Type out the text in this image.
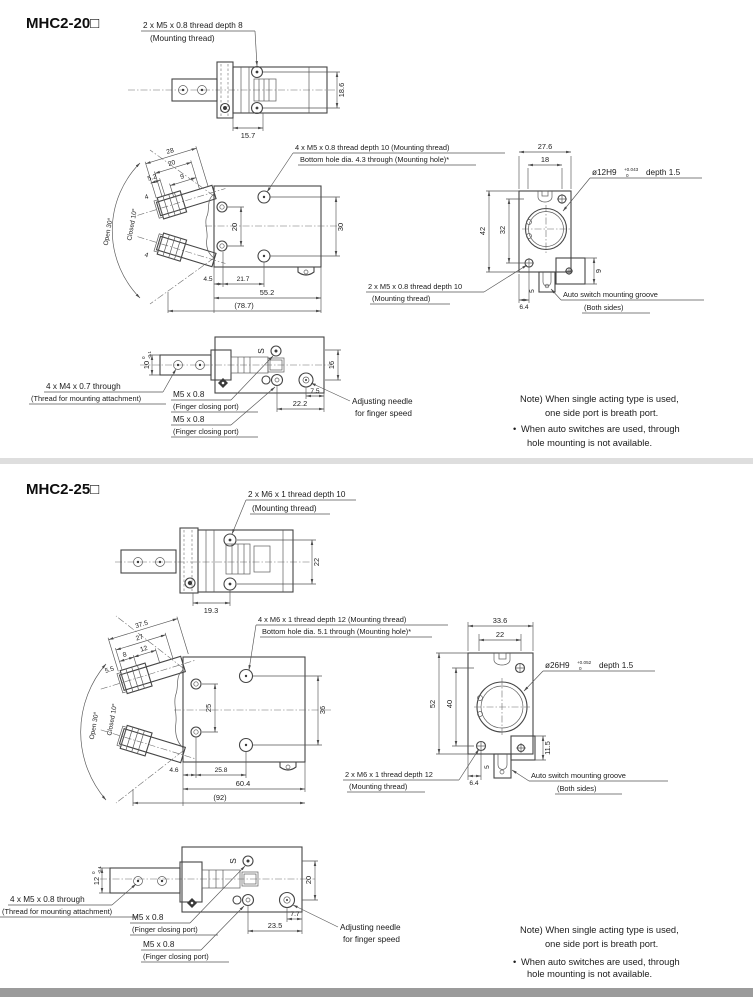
MHC2-20□
15.7
18.6
2 x M5 x 0.8 thread depth 8
(Mounting thread)
20	30
9
5.2
20
28
4
4
Open 30° Closed 10°
4.5	21.7
55.2
(78.7)
4 x M5 x 0.8 thread depth 10 (Mounting thread)
Bottom hole dia. 4.3 through (Mounting hole)*
27.6
18
42 32
9
5
6.4
ø12H9 +0.043
0 depth 1.5
2 x M5 x 0.8 thread depth 10
(Mounting thread)	Auto switch mounting groove
(Both sides)
10
0 -0.1
S
16
7.5
22.2
4 x M4 x 0.7 through
(Thread for mounting attachment)	M5 x 0.8
(Finger closing port)
M5 x 0.8
(Finger closing port)
Adjusting needle
for finger speed
Note) When single acting type is used,
one side port is breath port.
• When auto switches are used, through
hole mounting is not available.
MHC2-25□
19.3
22
2 x M6 x 1 thread depth 10
(Mounting thread)
25	36
8
12
27
37.5
5.5
Open 30° Closed 10°
4.6	25.8
60.4
(92)
4 x M6 x 1 thread depth 12 (Mounting thread)
Bottom hole dia. 5.1 through (Mounting hole)*
33.6
22
52 40
11.5
5
6.4
ø26H9 +0.052
0 depth 1.5
2 x M6 x 1 thread depth 12
(Mounting thread)
Auto switch mounting groove
(Both sides)
12
0 -0.1
S
20
7.7
23.5
4 x M5 x 0.8 through
(Thread for mounting attachment)
M5 x 0.8
(Finger closing port)
M5 x 0.8
(Finger closing port)
Adjusting needle
for finger speed
Note) When single acting type is used,
one side port is breath port.
• When auto switches are used, through
hole mounting is not available.
